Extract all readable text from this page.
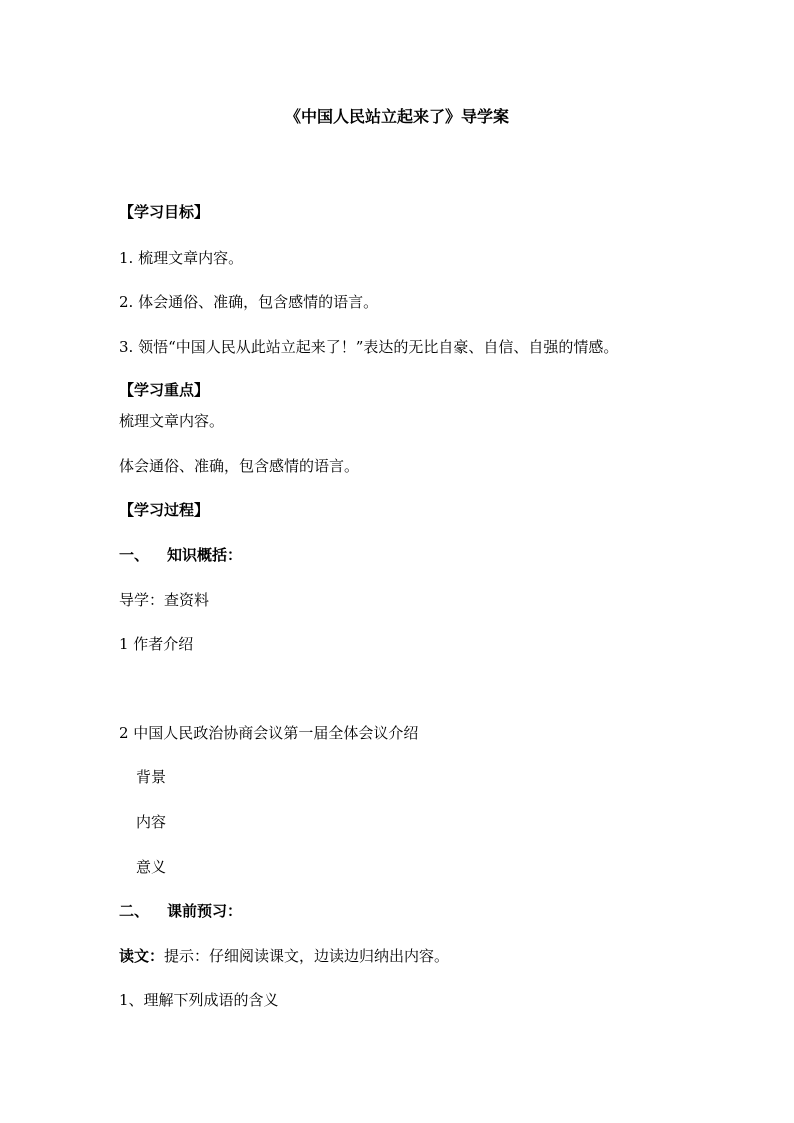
《中国人民站立起来了》导学案
【学习目标】
1. 梳理文章内容。
2. 体会通俗、准确，包含感情的语言。
3. 领悟“中国人民从此站立起来了！”表达的无比自豪、自信、自强的情感。
【学习重点】
梳理文章内容。
体会通俗、准确，包含感情的语言。
【学习过程】
一、 知识概括：
导学：查资料
1 作者介绍
2 中国人民政治协商会议第一届全体会议介绍
背景
内容
意义
二、 课前预习：
读文：提示：仔细阅读课文，边读边归纳出内容。
1、理解下列成语的含义
